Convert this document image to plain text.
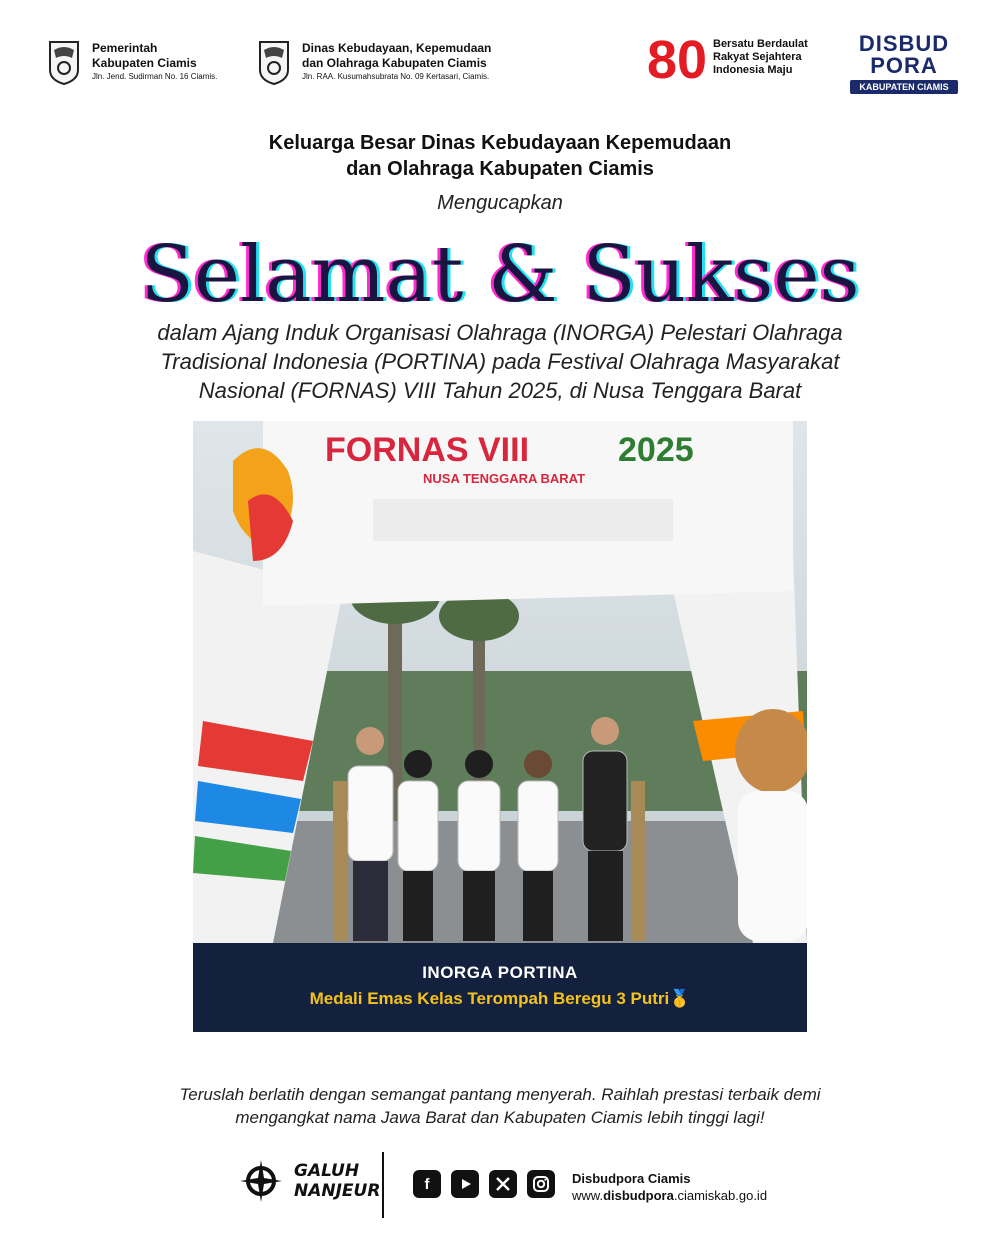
Pemerintah
Kabupaten Ciamis
Jln. Jend. Sudirman No. 16 Ciamis.
Dinas Kebudayaan, Kepemudaan
dan Olahraga Kabupaten Ciamis
Jln. RAA. Kusumahsubrata No. 09 Kertasari, Ciamis.	80 Bersatu Berdaulat
Rakyat Sejahtera
Indonesia Maju
DISBUD
PORA
KABUPATEN CIAMIS
Keluarga Besar Dinas Kebudayaan Kepemudaan
dan Olahraga Kabupaten Ciamis
Mengucapkan
Selamat & Sukses
dalam Ajang Induk Organisasi Olahraga (INORGA) Pelestari Olahraga
Tradisional Indonesia (PORTINA) pada Festival Olahraga Masyarakat
Nasional (FORNAS) VIII Tahun 2025, di Nusa Tenggara Barat
FORNAS VIII	2025
NUSA TENGGARA BARAT
INORGA PORTINA
Medali Emas Kelas Terompah Beregu 3 Putri🥇
Teruslah berlatih dengan semangat pantang menyerah. Raihlah prestasi terbaik demi
mengangkat nama Jawa Barat dan Kabupaten Ciamis lebih tinggi lagi!
GALUH
NANJEUR	f	Disbudpora Ciamis
www.disbudpora.ciamiskab.go.id
